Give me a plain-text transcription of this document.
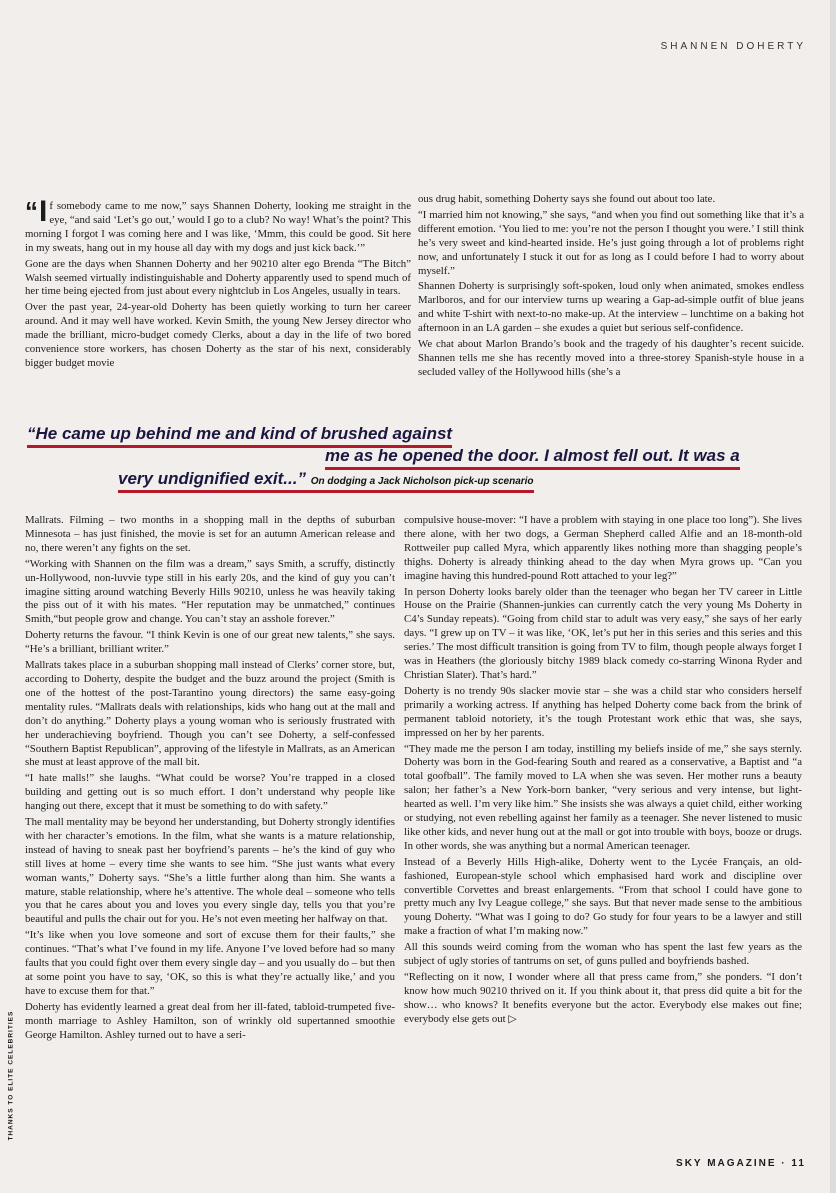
SHANNEN DOHERTY

“ I f somebody came to me now,” says Shannen Doherty, looking me straight in the eye, “and said ‘Let’s go out,’ would I go to a club? No way! What’s the point? This morning I forgot I was coming here and I was like, ‘Mmm, this could be good. Sit here in my sweats, hang out in my house all day with my dogs and just kick back.’”

Gone are the days when Shannen Doherty and her 90210 alter ego Brenda “The Bitch” Walsh seemed virtually indistinguishable and Doherty apparently used to spend much of her time being ejected from just about every nightclub in Los Angeles, usually in tears.

Over the past year, 24-year-old Doherty has been quietly working to turn her career around. And it may well have worked. Kevin Smith, the young New Jersey director who made the brilliant, micro-budget comedy Clerks, about a day in the life of two bored convenience store workers, has chosen Doherty as the star of his next, considerably bigger budget movie

ous drug habit, something Doherty says she found out about too late.

“I married him not knowing,” she says, “and when you find out something like that it’s a different emotion. ‘You lied to me: you’re not the person I thought you were.’ I still think he’s very sweet and kind-hearted inside. He’s just going through a lot of problems right now, and unfortunately I stuck it out for as long as I could before I had to worry about myself.”

Shannen Doherty is surprisingly soft-spoken, loud only when animated, smokes endless Marlboros, and for our interview turns up wearing a Gap-ad-simple outfit of blue jeans and white T-shirt with next-to-no make-up. At the interview – lunchtime on a baking hot afternoon in an LA garden – she exudes a quiet but serious self-confidence.

We chat about Marlon Brando’s book and the tragedy of his daughter’s recent suicide. Shannen tells me she has recently moved into a three-storey Spanish-style house in a secluded valley of the Hollywood hills (she’s a

“He came up behind me and kind of brushed against
me as he opened the door. I almost fell out. It was a
very undignified exit...” On dodging a Jack Nicholson pick-up scenario

Mallrats. Filming – two months in a shopping mall in the depths of suburban Minnesota – has just finished, the movie is set for an autumn American release and no, there weren’t any fights on the set.

“Working with Shannen on the film was a dream,” says Smith, a scruffy, distinctly un-Hollywood, non-luvvie type still in his early 20s, and the kind of guy you can’t imagine sitting around watching Beverly Hills 90210, unless he was heavily taking the piss out of it with his mates. “Her reputation may be unmatched,” continues Smith,“but people grow and change. You can’t stay an asshole forever.”

Doherty returns the favour. “I think Kevin is one of our great new talents,” she says. “He’s a brilliant, brilliant writer.”

Mallrats takes place in a suburban shopping mall instead of Clerks’ corner store, but, according to Doherty, despite the budget and the buzz around the project (Smith is one of the hottest of the post-Tarantino young directors) the same easy-going mentality rules. “Mallrats deals with relationships, kids who hang out at the mall and don’t do anything.” Doherty plays a young woman who is seriously frustrated with her underachieving boyfriend. Though you can’t see Doherty, a self-confessed “Southern Baptist Republican”, approving of the lifestyle in Mallrats, as an American she must at least approve of the mall bit.

“I hate malls!” she laughs. “What could be worse? You’re trapped in a closed building and getting out is so much effort. I don’t understand why people like hanging out there, except that it must be something to do with safety.”

The mall mentality may be beyond her understanding, but Doherty strongly identifies with her character’s emotions. In the film, what she wants is a mature relationship, instead of having to sneak past her boyfriend’s parents – he’s the kind of guy who still lives at home – every time she wants to see him. “She just wants what every woman wants,” Doherty says. “She’s a little further along than him. She wants a mature, stable relationship, where he’s attentive. The whole deal – someone who tells you that he cares about you and loves you every single day, tells you that you’re beautiful and pulls the chair out for you. He’s not even meeting her halfway on that.

“It’s like when you love someone and sort of excuse them for their faults,” she continues. “That’s what I’ve found in my life. Anyone I’ve loved before had so many faults that you could fight over them every single day – and you usually do – but then at some point you have to say, ‘OK, so this is what they’re actually like,’ and you have to excuse them for that.”

Doherty has evidently learned a great deal from her ill-fated, tabloid-trumpeted five-month marriage to Ashley Hamilton, son of wrinkly old supertanned smoothie George Hamilton. Ashley turned out to have a seri-

compulsive house-mover: “I have a problem with staying in one place too long”). She lives there alone, with her two dogs, a German Shepherd called Alfie and an 18-month-old Rottweiler pup called Myra, which apparently likes nothing more than shagging people’s thighs. Doherty is already thinking ahead to the day when Myra grows up. “Can you imagine having this hundred-pound Rott attached to your leg?”

In person Doherty looks barely older than the teenager who began her TV career in Little House on the Prairie (Shannen-junkies can currently catch the very young Ms Doherty in C4’s Sunday repeats). “Going from child star to adult was very easy,” she says of her early days. “I grew up on TV – it was like, ‘OK, let’s put her in this series and this series and this series.’ The most difficult transition is going from TV to film, though people always forget I was in Heathers (the gloriously bitchy 1989 black comedy co-starring Winona Ryder and Christian Slater). That’s hard.”

Doherty is no trendy 90s slacker movie star – she was a child star who considers herself primarily a working actress. If anything has helped Doherty come back from the brink of permanent tabloid notoriety, it’s the tough Protestant work ethic that was, she says, impressed on her by her parents.

“They made me the person I am today, instilling my beliefs inside of me,” she says sternly. Doherty was born in the God-fearing South and reared as a conservative, a Baptist and “a total goofball”. The family moved to LA when she was seven. Her mother runs a beauty salon; her father’s a New York-born banker, “very serious and very intense, but light-hearted as well. I’m very like him.” She insists she was always a quiet child, either working or studying, not even rebelling against her family as a teenager. She never listened to music like other kids, and never hung out at the mall or got into trouble with boys, booze or drugs. In other words, she was anything but a normal American teenager.

Instead of a Beverly Hills High-alike, Doherty went to the Lycée Français, an old-fashioned, European-style school which emphasised hard work and discipline over convertible Corvettes and breast enlargements. “From that school I could have gone to pretty much any Ivy League college,” she says. But that never made sense to the ambitious young Doherty. “What was I going to do? Go study for four years to be a lawyer and still make a fraction of what I’m making now.”

All this sounds weird coming from the woman who has spent the last few years as the subject of ugly stories of tantrums on set, of guns pulled and boyfriends bashed.

“Reflecting on it now, I wonder where all that press came from,” she ponders. “I don’t know how much 90210 thrived on it. If you think about it, that press did quite a bit for the show… who knows? It benefits everyone but the actor. Everybody else makes out fine; everybody else gets out ▷

THANKS TO ELITE CELEBRITIES
SKY MAGAZINE · 11
